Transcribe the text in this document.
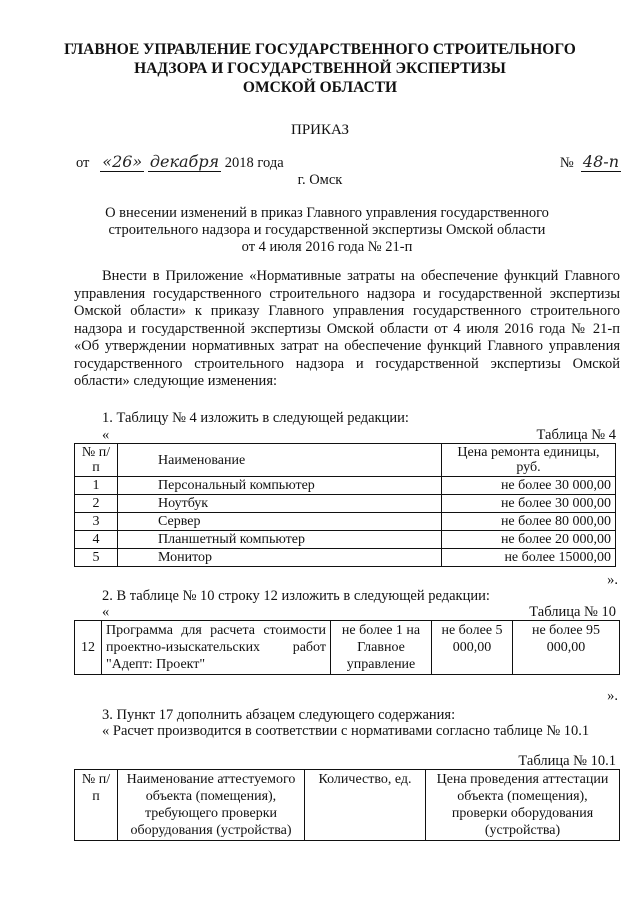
ГЛАВНОЕ УПРАВЛЕНИЕ ГОСУДАРСТВЕННОГО СТРОИТЕЛЬНОГО
НАДЗОРА И ГОСУДАРСТВЕННОЙ ЭКСПЕРТИЗЫ
ОМСКОЙ ОБЛАСТИ
ПРИКАЗ
от «26» декабря 2018 года	№ 48-п
г. Омск
О внесении изменений в приказ Главного управления государственного
строительного надзора и государственной экспертизы Омской области
от 4 июля 2016 года № 21-п
Внести в Приложение «Нормативные затраты на обеспечение функций Главного управления государственного строительного надзора и государственной экспертизы Омской области» к приказу Главного управления государственного строительного надзора и государственной экспертизы Омской области от 4 июля 2016 года № 21-п «Об утверждении нормативных затрат на обеспечение функций Главного управления государственного строительного надзора и государственной экспертизы Омской области» следующие изменения:
1. Таблицу № 4 изложить в следующей редакции:
«	Таблица № 4
№ п/п	Наименование	Цена ремонта единицы, руб.
1	Персональный компьютер	не более 30 000,00
2	Ноутбук	не более 30 000,00
3	Сервер	не более 80 000,00
4	Планшетный компьютер	не более 20 000,00
5	Монитор	не более 15000,00
».
2. В таблице № 10 строку 12 изложить в следующей редакции:
«	Таблица № 10
12	Программа для расчета стоимости проектно-изыскательских работ "Адепт: Проект"	не более 1 на Главное управление	не более 5 000,00	не более 95 000,00
».
3. Пункт 17 дополнить абзацем следующего содержания:
« Расчет производится в соответствии с нормативами согласно таблице № 10.1
Таблица № 10.1
№ п/п	Наименование аттестуемого объекта (помещения), требующего проверки оборудования (устройства)	Количество, ед.	Цена проведения аттестации объекта (помещения), проверки оборудования (устройства)
